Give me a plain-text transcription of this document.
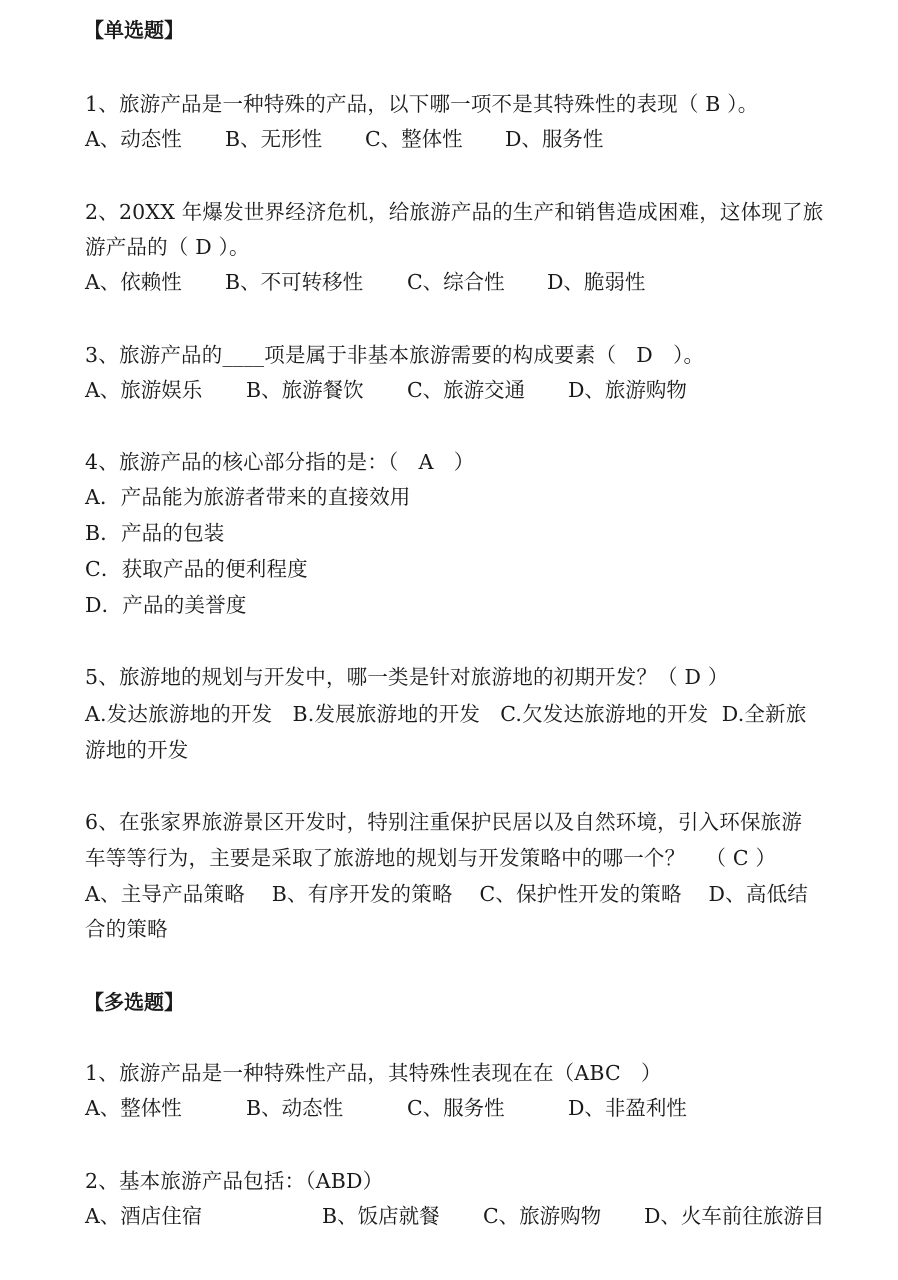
【单选题】
1、旅游产品是一种特殊的产品，以下哪一项不是其特殊性的表现（ B ）。
A、动态性 B、无形性 C、整体性 D、服务性
2、20XX 年爆发世界经济危机，给旅游产品的生产和销售造成困难，这体现了旅
游产品的（ D ）。
A、依赖性 B、不可转移性 C、综合性 D、脆弱性
3、旅游产品的____项是属于非基本旅游需要的构成要素（   D   ）。
A、旅游娱乐 B、旅游餐饮 C、旅游交通 D、旅游购物
4、旅游产品的核心部分指的是：（   A   ）
A．产品能为旅游者带来的直接效用
B．产品的包装
C．获取产品的便利程度
D．产品的美誉度
5、旅游地的规划与开发中，哪一类是针对旅游地的初期开发？（ D ）
A.发达旅游地的开发   B.发展旅游地的开发   C.欠发达旅游地的开发  D.全新旅
游地的开发
6、在张家界旅游景区开发时，特别注重保护民居以及自然环境，引入环保旅游
车等等行为，主要是采取了旅游地的规划与开发策略中的哪一个？   （ C ）
A、主导产品策略    B、有序开发的策略    C、保护性开发的策略    D、高低结
合的策略
【多选题】
1、旅游产品是一种特殊性产品，其特殊性表现在在（ABC   ）
A、整体性	B、动态性	C、服务性	D、非盈利性
2、基本旅游产品包括：（ABD）
A、酒店住宿	B、饭店就餐 C、旅游购物 D、火车前往旅游目
